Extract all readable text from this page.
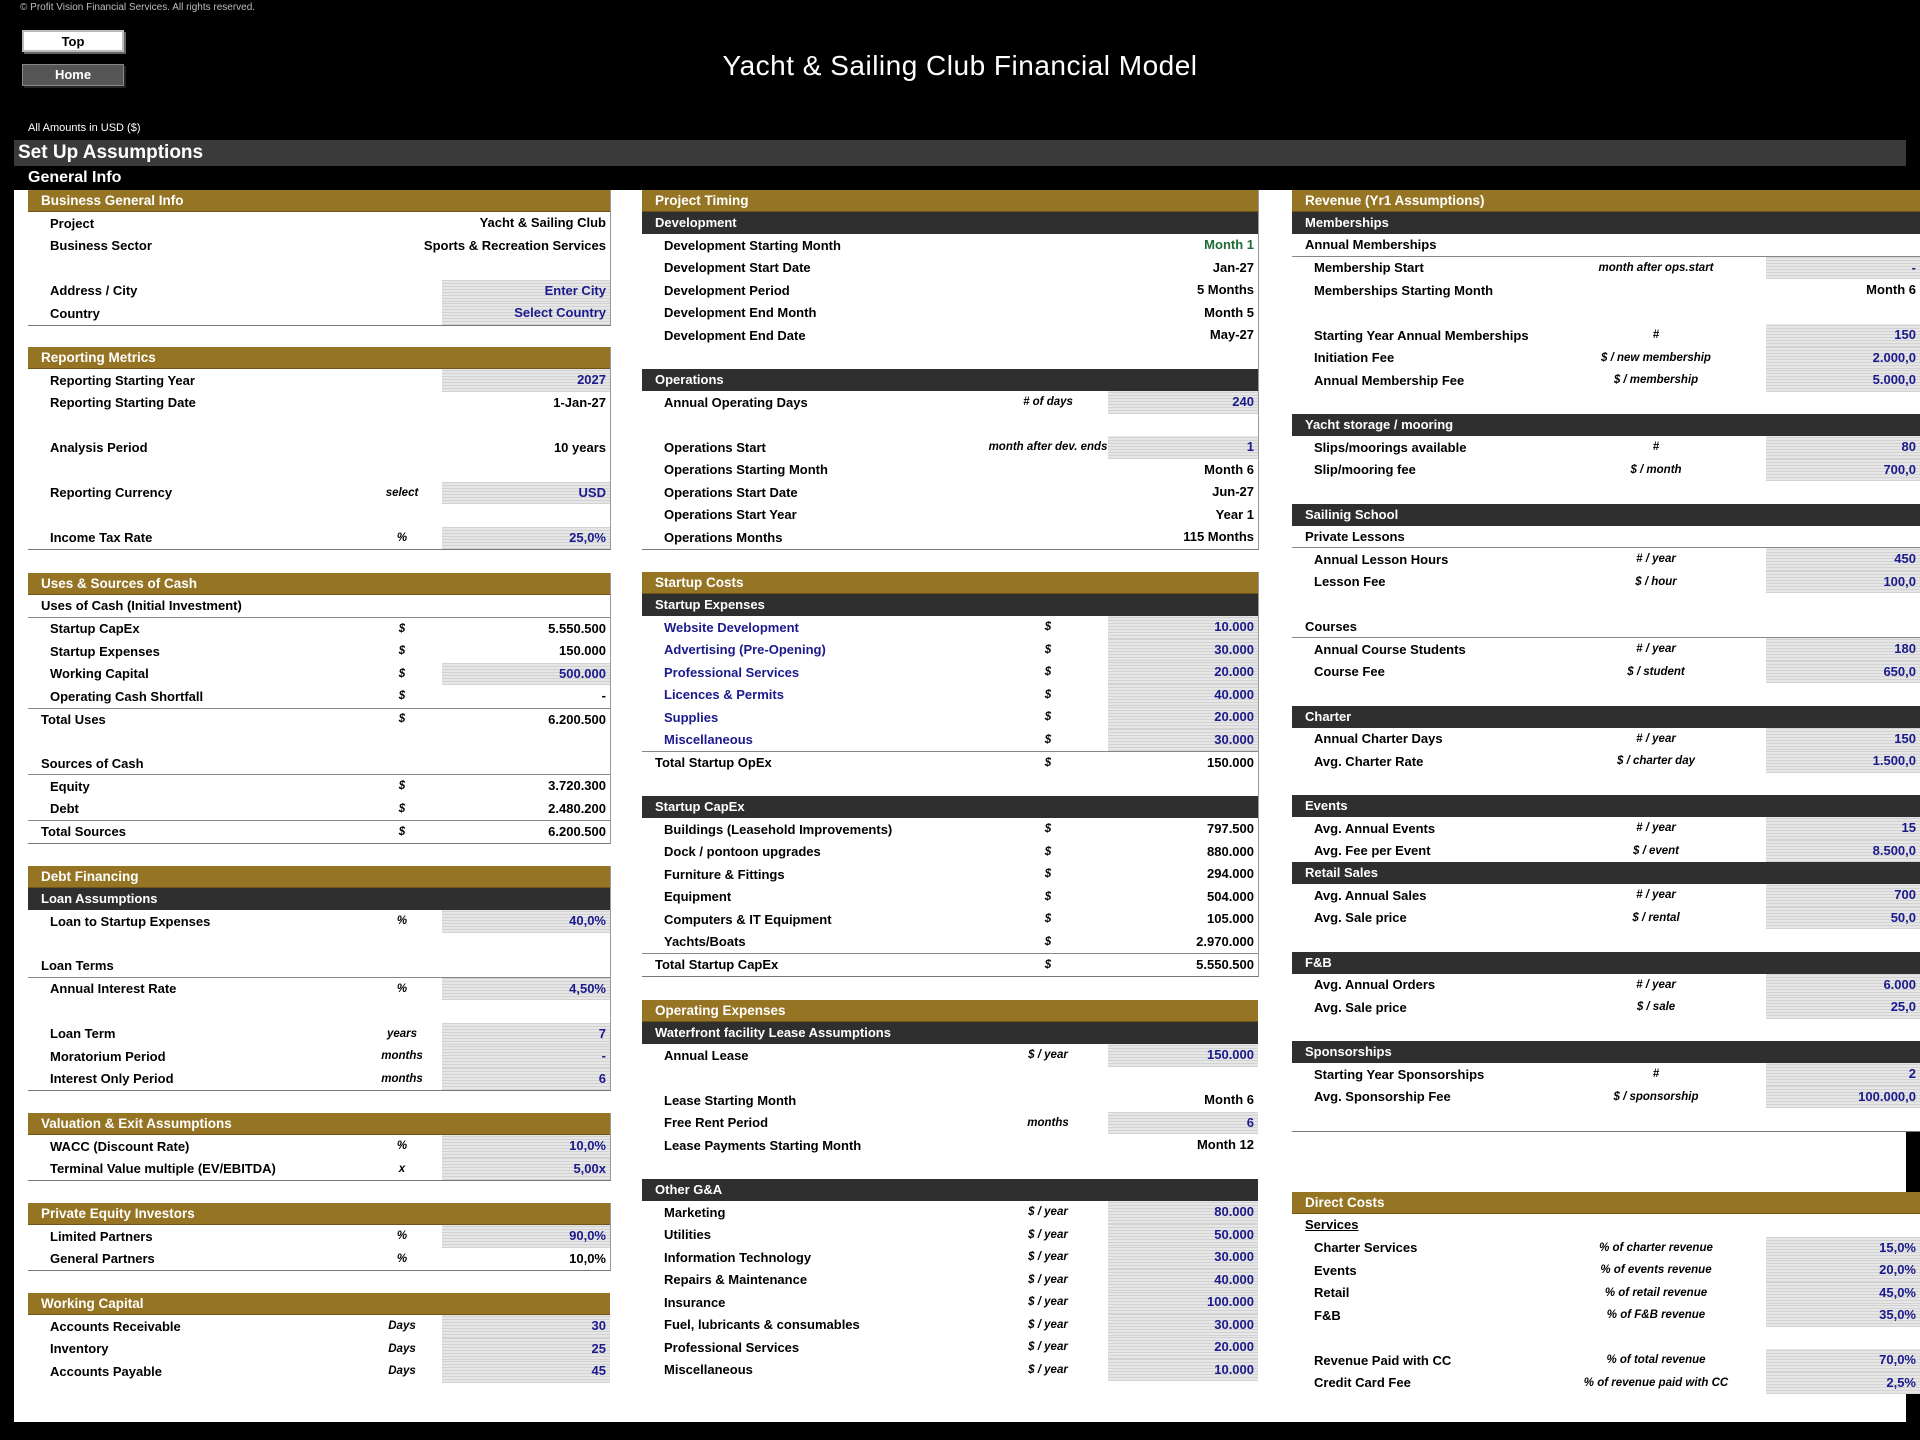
© Profit Vision Financial Services. All rights reserved.
Top
Home	Yacht & Sailing Club Financial Model
All Amounts in USD ($)
Set Up Assumptions
General Info
Business General Info
Project	Yacht & Sailing Club
Business Sector	Sports & Recreation Services
Address / City	Enter City
Country	Select Country
Reporting Metrics
Reporting Starting Year	2027
Reporting Starting Date	1-Jan-27
Analysis Period	10 years
Reporting Currency	select	USD
Income Tax Rate	%	25,0%
Uses & Sources of Cash
Uses of Cash (Initial Investment)
Startup CapEx	$	5.550.500
Startup Expenses	$	150.000
Working Capital	$	500.000
Operating Cash Shortfall	$	-
Total Uses	$	6.200.500
Sources of Cash
Equity	$	3.720.300
Debt	$	2.480.200
Total Sources	$	6.200.500
Debt Financing
Loan Assumptions
Loan to Startup Expenses	%	40,0%
Loan Terms
Annual Interest Rate	%	4,50%
Loan Term	years	7
Moratorium Period	months	-
Interest Only Period	months	6
Valuation & Exit Assumptions
WACC (Discount Rate)	%	10,0%
Terminal Value multiple (EV/EBITDA)	x	5,00x
Private Equity Investors
Limited Partners	%	90,0%
General Partners	%	10,0%
Working Capital
Accounts Receivable	Days	30
Inventory	Days	25
Accounts Payable	Days	45
Project Timing
Development
Development Starting Month	Month 1
Development Start Date	Jan-27
Development Period	5 Months
Development End Month	Month 5
Development End Date	May-27
Operations
Annual Operating Days	# of days	240
Operations Start	month after dev. ends	1
Operations Starting Month	Month 6
Operations Start Date	Jun-27
Operations Start Year	Year 1
Operations Months	115 Months
Startup Costs
Startup Expenses
Website Development	$	10.000
Advertising (Pre-Opening)	$	30.000
Professional Services	$	20.000
Licences & Permits	$	40.000
Supplies	$	20.000
Miscellaneous	$	30.000
Total Startup OpEx	$	150.000
Startup CapEx
Buildings (Leasehold Improvements)	$	797.500
Dock / pontoon upgrades	$	880.000
Furniture & Fittings	$	294.000
Equipment	$	504.000
Computers & IT Equipment	$	105.000
Yachts/Boats	$	2.970.000
Total Startup CapEx	$	5.550.500
Operating Expenses
Waterfront facility Lease Assumptions
Annual Lease	$ / year	150.000
Lease Starting Month	Month 6
Free Rent Period	months	6
Lease Payments Starting Month	Month 12
Other G&A
Marketing	$ / year	80.000
Utilities	$ / year	50.000
Information Technology	$ / year	30.000
Repairs & Maintenance	$ / year	40.000
Insurance	$ / year	100.000
Fuel, lubricants & consumables	$ / year	30.000
Professional Services	$ / year	20.000
Miscellaneous	$ / year	10.000
Revenue (Yr1 Assumptions)
Memberships
Annual Memberships
Membership Start	month after ops.start	-
Memberships Starting Month	Month 6
Starting Year Annual Memberships	#	150
Initiation Fee	$ / new membership	2.000,0
Annual Membership Fee	$ / membership	5.000,0
Yacht storage / mooring
Slips/moorings available	#	80
Slip/mooring fee	$ / month	700,0
Sailinig School
Private Lessons
Annual Lesson Hours	# / year	450
Lesson Fee	$ / hour	100,0
Courses
Annual Course Students	# / year	180
Course Fee	$ / student	650,0
Charter
Annual Charter Days	# / year	150
Avg. Charter Rate	$ / charter day	1.500,0
Events
Avg. Annual Events	# / year	15
Avg. Fee per Event	$ / event	8.500,0
Retail Sales
Avg. Annual Sales	# / year	700
Avg. Sale price	$ / rental	50,0
F&B
Avg. Annual Orders	# / year	6.000
Avg. Sale price	$ / sale	25,0
Sponsorships
Starting Year Sponsorships	#	2
Avg. Sponsorship Fee	$ / sponsorship	100.000,0
Direct Costs
Services
Charter Services	% of charter revenue	15,0%
Events	% of events revenue	20,0%
Retail	% of retail revenue	45,0%
F&B	% of F&B revenue	35,0%
Revenue Paid with CC	% of total revenue	70,0%
Credit Card Fee	% of revenue paid with CC	2,5%
